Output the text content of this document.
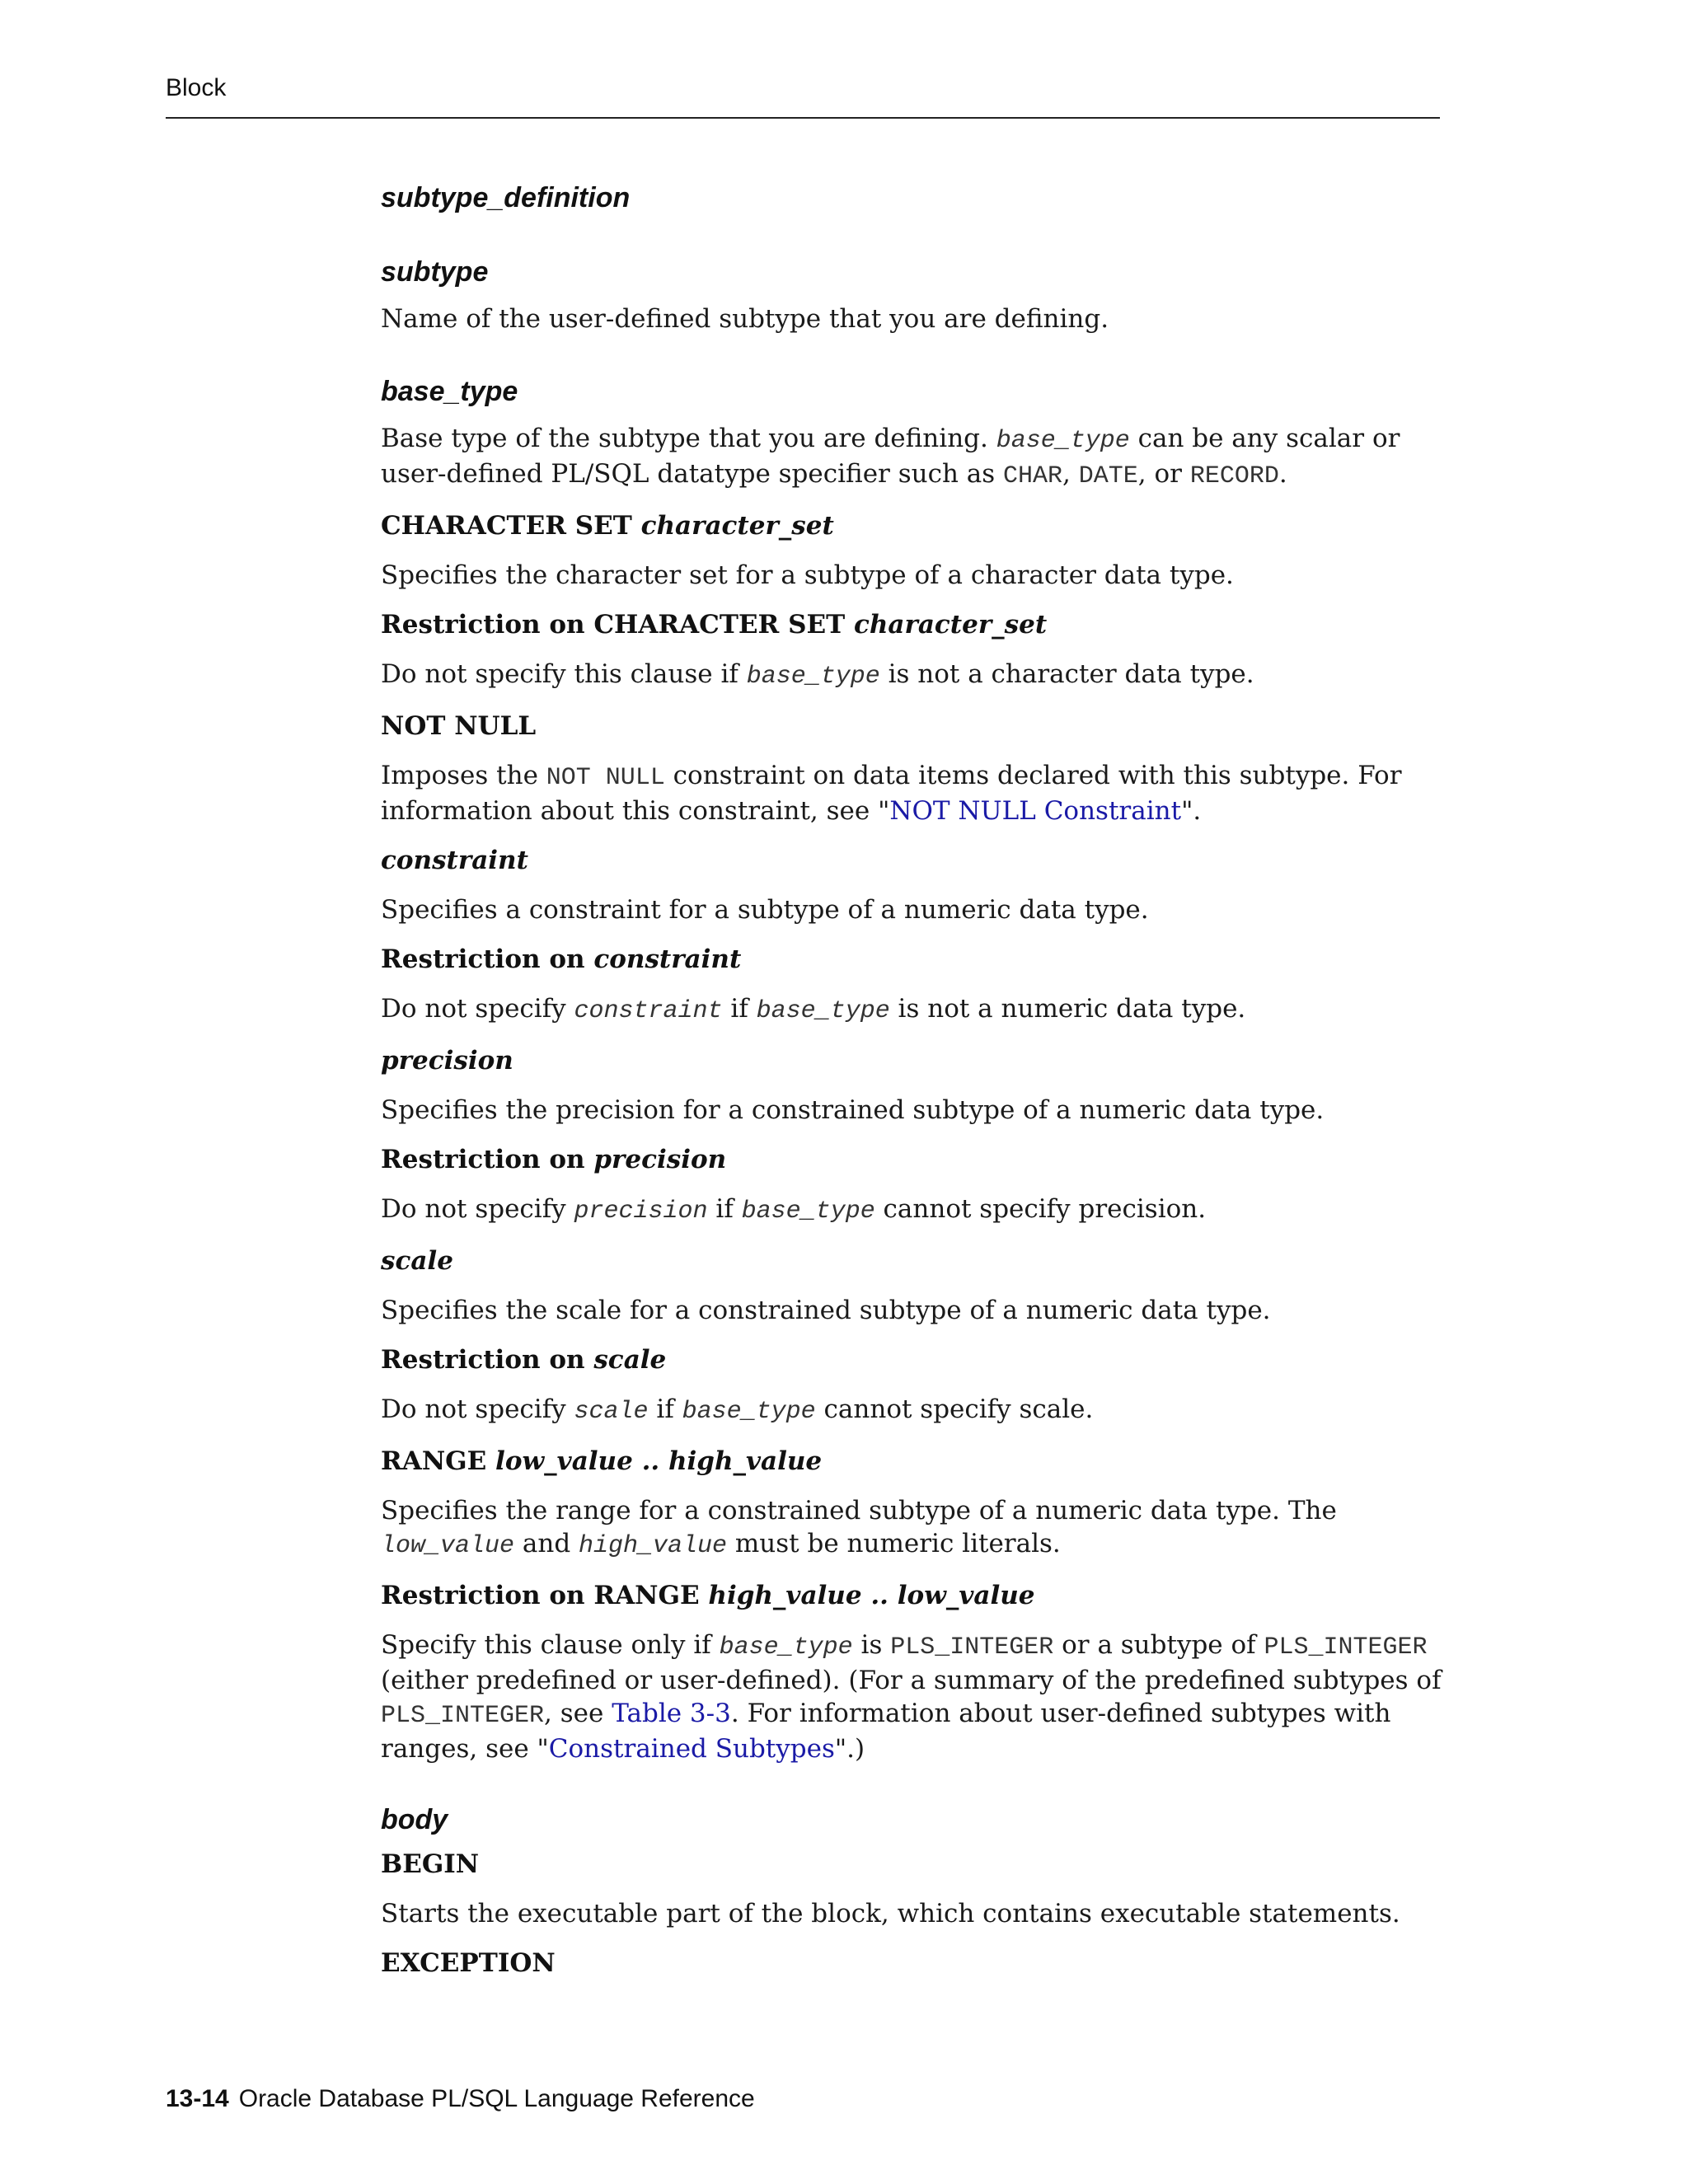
Block

subtype_definition

subtype

Name of the user-defined subtype that you are defining.

base_type

Base type of the subtype that you are defining. base_type can be any scalar or user-defined PL/SQL datatype specifier such as CHAR, DATE, or RECORD.

CHARACTER SET character_set

Specifies the character set for a subtype of a character data type.

Restriction on CHARACTER SET character_set

Do not specify this clause if base_type is not a character data type.

NOT NULL

Imposes the NOT NULL constraint on data items declared with this subtype. For information about this constraint, see "NOT NULL Constraint".

constraint

Specifies a constraint for a subtype of a numeric data type.

Restriction on constraint

Do not specify constraint if base_type is not a numeric data type.

precision

Specifies the precision for a constrained subtype of a numeric data type.

Restriction on precision

Do not specify precision if base_type cannot specify precision.

scale

Specifies the scale for a constrained subtype of a numeric data type.

Restriction on scale

Do not specify scale if base_type cannot specify scale.

RANGE low_value .. high_value

Specifies the range for a constrained subtype of a numeric data type. The low_value and high_value must be numeric literals.

Restriction on RANGE high_value .. low_value

Specify this clause only if base_type is PLS_INTEGER or a subtype of PLS_INTEGER (either predefined or user-defined). (For a summary of the predefined subtypes of PLS_INTEGER, see Table 3-3. For information about user-defined subtypes with ranges, see "Constrained Subtypes".)

body

BEGIN

Starts the executable part of the block, which contains executable statements.

EXCEPTION

13-14 Oracle Database PL/SQL Language Reference
